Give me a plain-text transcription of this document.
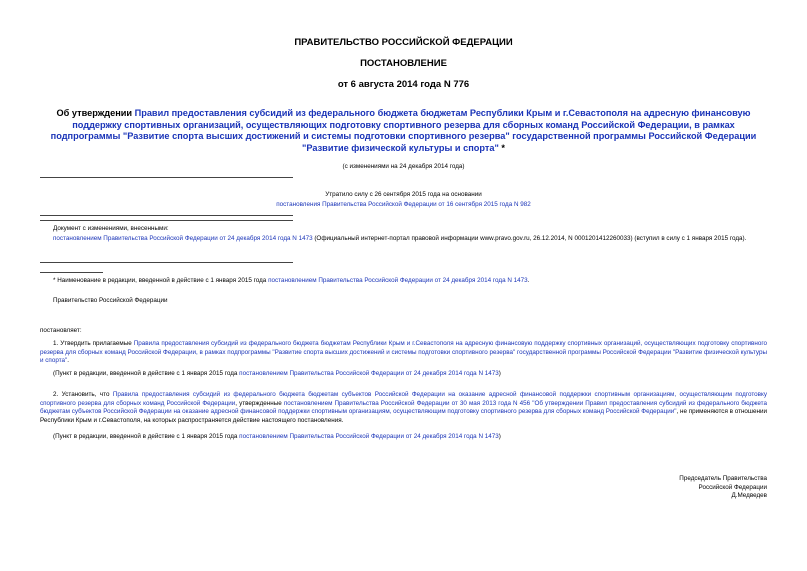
ПРАВИТЕЛЬСТВО РОССИЙСКОЙ ФЕДЕРАЦИИ
ПОСТАНОВЛЕНИЕ
от 6 августа 2014 года N 776
Об утверждении Правил предоставления субсидий из федерального бюджета бюджетам Республики Крым и г.Севастополя на адресную финансовую поддержку спортивных организаций, осуществляющих подготовку спортивного резерва для сборных команд Российской Федерации, в рамках подпрограммы "Развитие спорта высших достижений и системы подготовки спортивного резерва" государственной программы Российской Федерации "Развитие физической культуры и спорта" *
(с изменениями на 24 декабря 2014 года)
Утратило силу с 26 сентября 2015 года на основании
постановления Правительства Российской Федерации от 16 сентября 2015 года N 982
Документ с изменениями, внесенными:
постановлением Правительства Российской Федерации от 24 декабря 2014 года N 1473 (Официальный интернет-портал правовой информации www.pravo.gov.ru, 26.12.2014, N 0001201412260033) (вступил в силу с 1 января 2015 года).
* Наименование в редакции, введенной в действие с 1 января 2015 года постановлением Правительства Российской Федерации от 24 декабря 2014 года N 1473.
Правительство Российской Федерации
постановляет:
1. Утвердить прилагаемые Правила предоставления субсидий из федерального бюджета бюджетам Республики Крым и г.Севастополя на адресную финансовую поддержку спортивных организаций, осуществляющих подготовку спортивного резерва для сборных команд Российской Федерации, в рамках подпрограммы "Развитие спорта высших достижений и системы подготовки спортивного резерва" государственной программы Российской Федерации "Развитие физической культуры и спорта".
(Пункт в редакции, введенной в действие с 1 января 2015 года постановлением Правительства Российской Федерации от 24 декабря 2014 года N 1473)
2. Установить, что Правила предоставления субсидий из федерального бюджета бюджетам субъектов Российской Федерации на оказание адресной финансовой поддержки спортивным организациям, осуществляющим подготовку спортивного резерва для сборных команд Российской Федерации, утвержденные постановлением Правительства Российской Федерации от 30 мая 2013 года N 456 "Об утверждении Правил предоставления субсидий из федерального бюджета бюджетам субъектов Российской Федерации на оказание адресной финансовой поддержки спортивным организациям, осуществляющим подготовку спортивного резерва для сборных команд Российской Федерации", не применяются в отношении Республики Крым и г.Севастополя, на которых распространяется действие настоящего постановления.
(Пункт в редакции, введенной в действие с 1 января 2015 года постановлением Правительства Российской Федерации от 24 декабря 2014 года N 1473)
Председатель Правительства
Российской Федерации
Д.Медведев
